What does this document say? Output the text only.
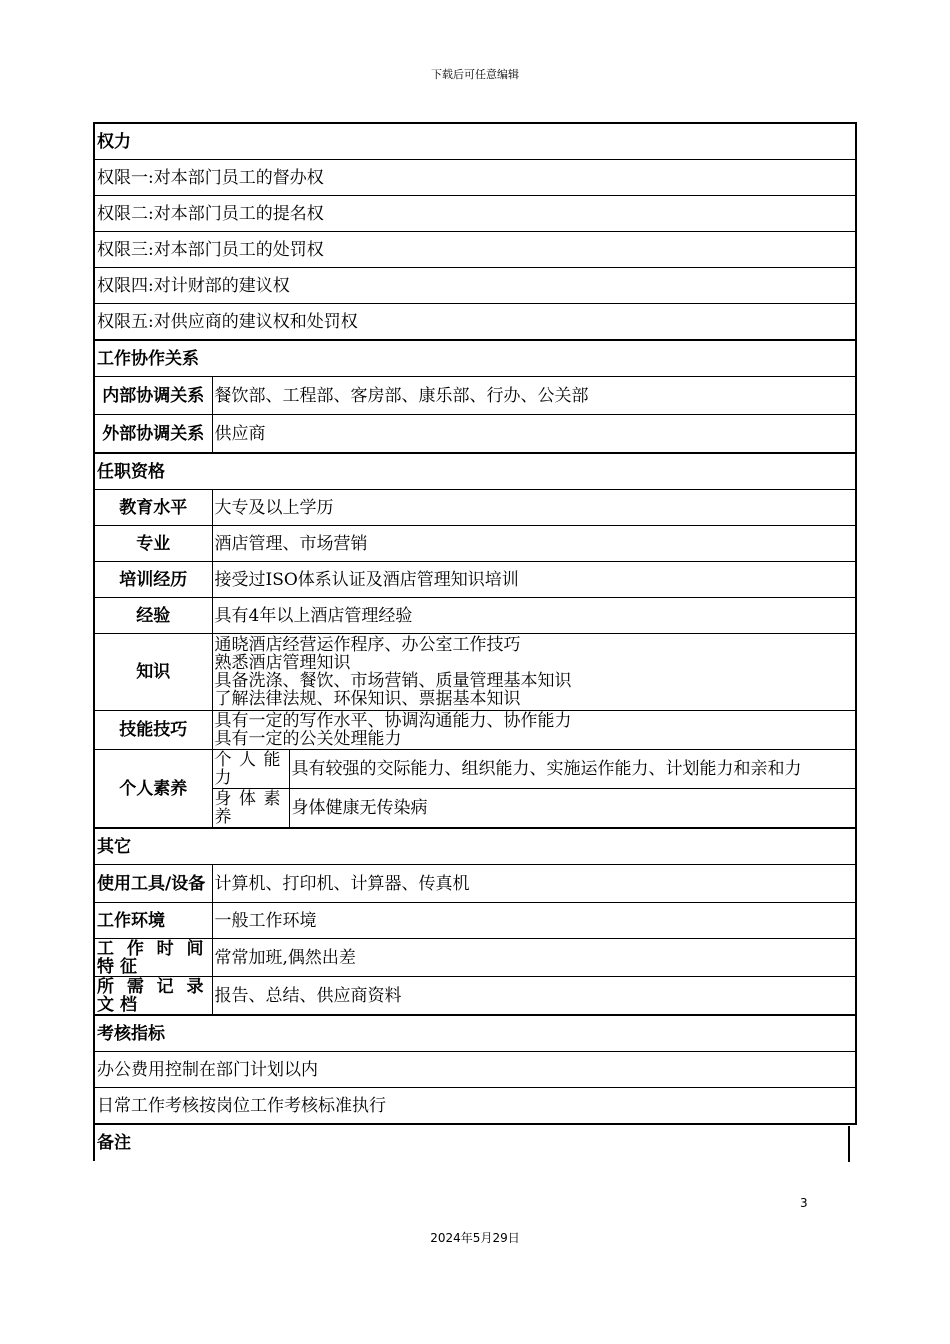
下载后可任意编辑
权力		
权限一:对本部门员工的督办权		
权限二:对本部门员工的提名权		
权限三:对本部门员工的处罚权		
权限四:对计财部的建议权		
权限五:对供应商的建议权和处罚权		
工作协作关系		
内部协调关系	餐饮部、工程部、客房部、康乐部、行办、公关部	
外部协调关系	供应商	
任职资格		
教育水平	大专及以上学历	
专业	酒店管理、市场营销	
培训经历	接受过ISO体系认证及酒店管理知识培训	
经验	具有4年以上酒店管理经验	
知识	通晓酒店经营运作程序、办公室工作技巧
熟悉酒店管理知识
具备洗涤、餐饮、市场营销、质量管理基本知识
了解法律法规、环保知识、票据基本知识	

技能技巧	具有一定的写作水平、协调沟通能力、协作能力
具有一定的公关处理能力	

个人素养	个人能力	具有较强的交际能力、组织能力、实施运作能力、计划能力和亲和力
	身体素养	身体健康无传染病
其它		
使用工具/设备	计算机、打印机、计算器、传真机	
工作环境	一般工作环境	
工作时间特征	常常加班,偶然出差	
所需记录文档	报告、总结、供应商资料	
考核指标		
办公费用控制在部门计划以内		
日常工作考核按岗位工作考核标准执行		
备注		
3
2024年5月29日
